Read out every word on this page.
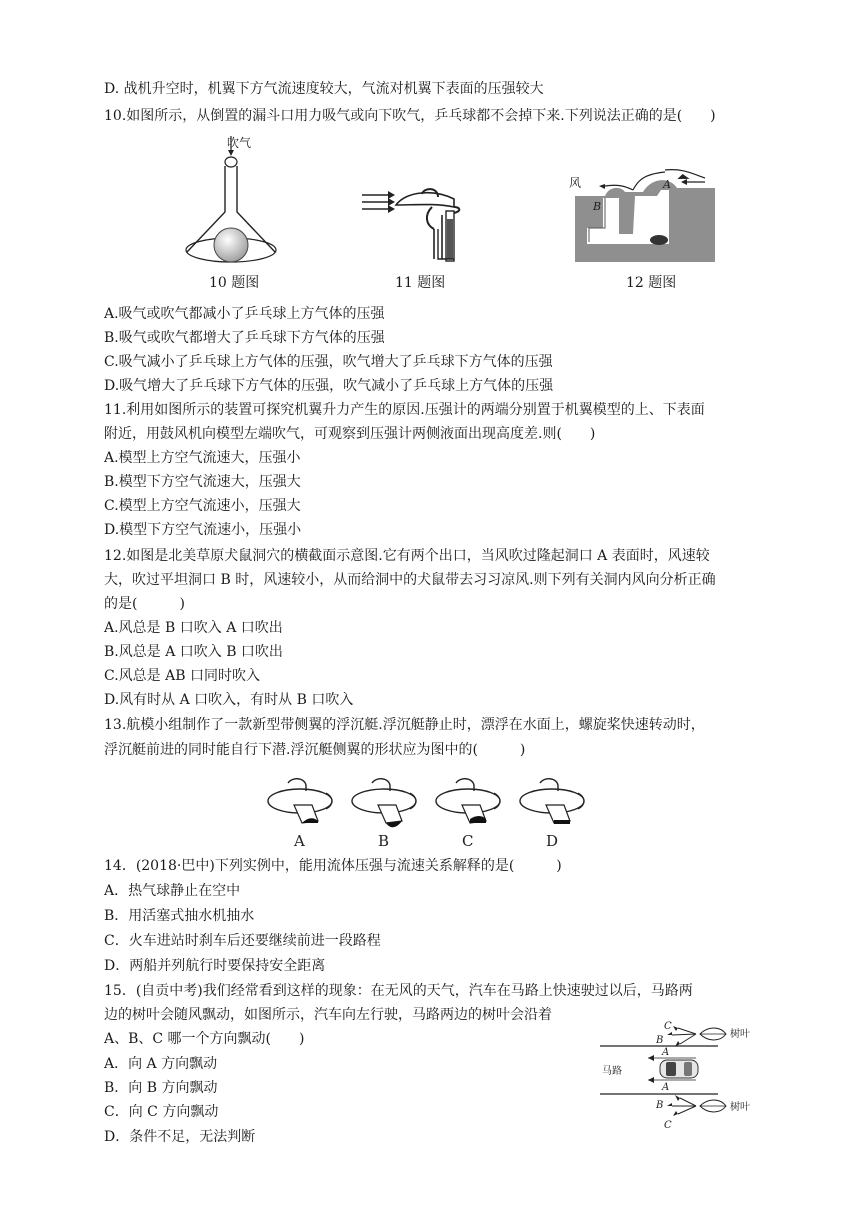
D. 战机升空时，机翼下方气流速度较大，气流对机翼下表面的压强较大
10.如图所示，从倒置的漏斗口用力吸气或向下吹气，乒乓球都不会掉下来.下列说法正确的是(　　)
吹气
风	A
B
10 题图	11 题图	12 题图
A.吸气或吹气都减小了乒乓球上方气体的压强
B.吸气或吹气都增大了乒乓球下方气体的压强
C.吸气减小了乒乓球上方气体的压强，吹气增大了乒乓球下方气体的压强
D.吸气增大了乒乓球下方气体的压强，吹气减小了乒乓球上方气体的压强
11.利用如图所示的装置可探究机翼升力产生的原因.压强计的两端分别置于机翼模型的上、下表面
附近，用鼓风机向模型左端吹气，可观察到压强计两侧液面出现高度差.则(　　)
A.模型上方空气流速大，压强小
B.模型下方空气流速大，压强大
C.模型上方空气流速小，压强大
D.模型下方空气流速小，压强小
12.如图是北美草原犬鼠洞穴的横截面示意图.它有两个出口，当风吹过隆起洞口 A 表面时，风速较
大，吹过平坦洞口 B 时，风速较小，从而给洞中的犬鼠带去习习凉风.则下列有关洞内风向分析正确
的是(　　　)
A.风总是 B 口吹入 A 口吹出
B.风总是 A 口吹入 B 口吹出
C.风总是 AB 口同时吹入
D.风有时从 A 口吹入，有时从 B 口吹入
13.航模小组制作了一款新型带侧翼的浮沉艇.浮沉艇静止时，漂浮在水面上，螺旋桨快速转动时，
浮沉艇前进的同时能自行下潜.浮沉艇侧翼的形状应为图中的(　　　)
A	B	C	D
14．(2018·巴中)下列实例中，能用流体压强与流速关系解释的是(　　　)
A．热气球静止在空中
B．用活塞式抽水机抽水
C．火车进站时刹车后还要继续前进一段路程
D．两船并列航行时要保持安全距离
15．(自贡中考)我们经常看到这样的现象：在无风的天气，汽车在马路上快速驶过以后，马路两
边的树叶会随风飘动，如图所示，汽车向左行驶，马路两边的树叶会沿着
A、B、C 哪一个方向飘动(　　)
A．向 A 方向飘动
B．向 B 方向飘动
C．向 C 方向飘动
D．条件不足，无法判断
C
B
树叶
A
马路
A
B	树叶
C
